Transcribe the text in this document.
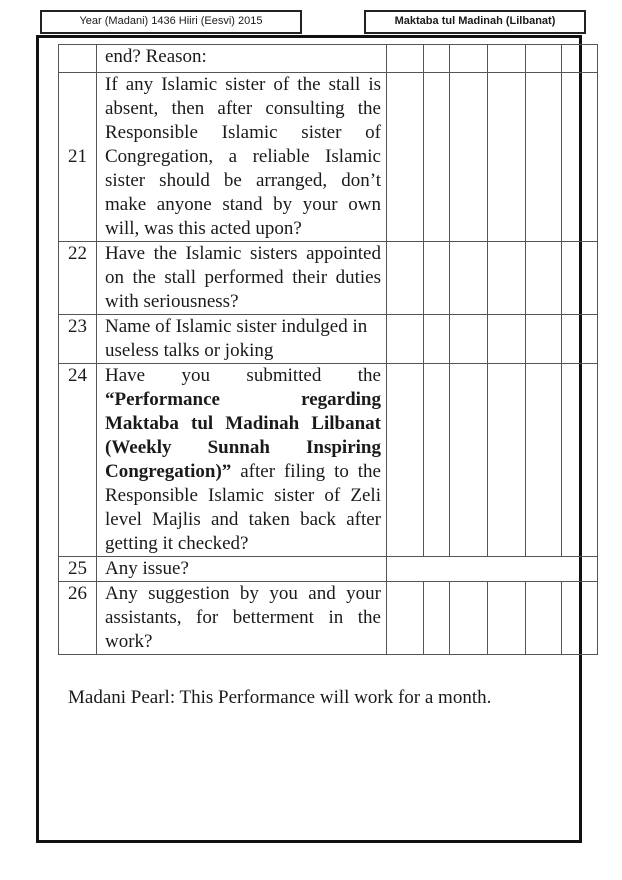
Year (Madani) 1436 Hiiri (Eesvi) 2015	Maktaba tul Madinah (Lilbanat)
	end? Reason:						
21	If any Islamic sister of the stall is absent, then after consulting the Responsible Islamic sister of Congregation, a reliable Islamic sister should be arranged, don’t make anyone stand by your own will, was this acted upon?						
22	Have the Islamic sisters appointed on the stall performed their duties with seriousness?						
23	Name of Islamic sister indulged in useless talks or joking						
24	Have you submitted the “Performance regarding Maktaba tul Madinah Lilbanat (Weekly Sunnah Inspiring Congregation)” after filing to the Responsible Islamic sister of Zeli level Majlis and taken back after getting it checked?						
25	Any issue?						
26	Any suggestion by you and your assistants, for betterment in the work?						
Madani Pearl: This Performance will work for a month.
